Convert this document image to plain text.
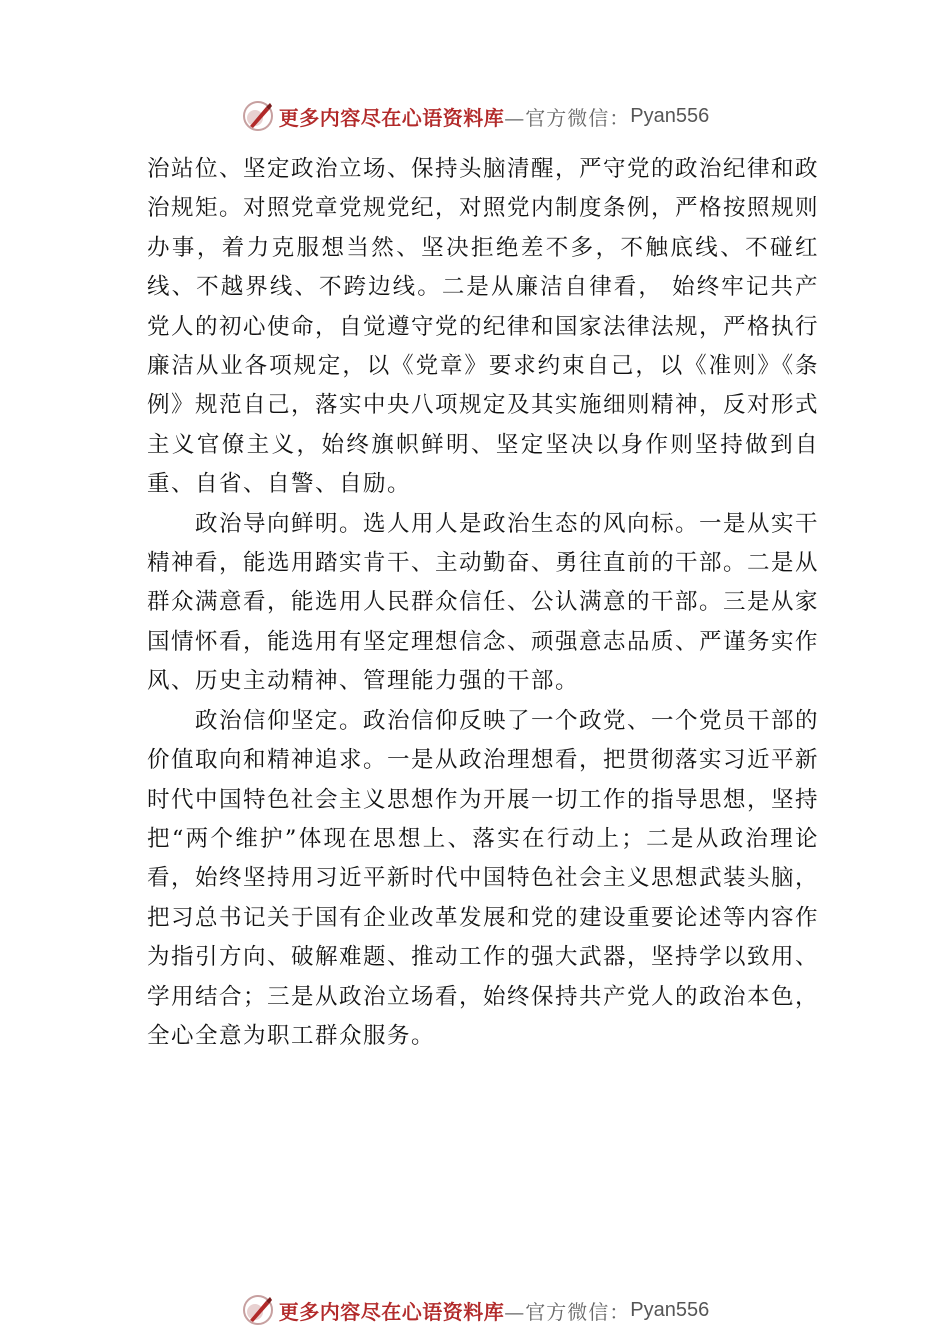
更多内容尽在心语资料库 —官方微信： Pyan556

治站位、坚定政治立场、保持头脑清醒，严守党的政治纪律和政治规矩。对照党章党规党纪，对照党内制度条例，严格按照规则办事，着力克服想当然、坚决拒绝差不多，不触底线、不碰红线、不越界线、不跨边线。二是从廉洁自律看， 始终牢记共产党人的初心使命，自觉遵守党的纪律和国家法律法规，严格执行廉洁从业各项规定，以《党章》要求约束自己，以《准则》《条例》规范自己，落实中央八项规定及其实施细则精神，反对形式主义官僚主义，始终旗帜鲜明、坚定坚决以身作则坚持做到自重、自省、自警、自励。

政治导向鲜明。选人用人是政治生态的风向标。一是从实干精神看，能选用踏实肯干、主动勤奋、勇往直前的干部。二是从群众满意看，能选用人民群众信任、公认满意的干部。三是从家国情怀看，能选用有坚定理想信念、顽强意志品质、严谨务实作风、历史主动精神、管理能力强的干部。

政治信仰坚定。政治信仰反映了一个政党、一个党员干部的价值取向和精神追求。一是从政治理想看，把贯彻落实习近平新时代中国特色社会主义思想作为开展一切工作的指导思想，坚持把“两个维护”体现在思想上、落实在行动上；二是从政治理论看，始终坚持用习近平新时代中国特色社会主义思想武装头脑，把习总书记关于国有企业改革发展和党的建设重要论述等内容作为指引方向、破解难题、推动工作的强大武器，坚持学以致用、学用结合；三是从政治立场看，始终保持共产党人的政治本色，全心全意为职工群众服务。

更多内容尽在心语资料库 —官方微信： Pyan556
